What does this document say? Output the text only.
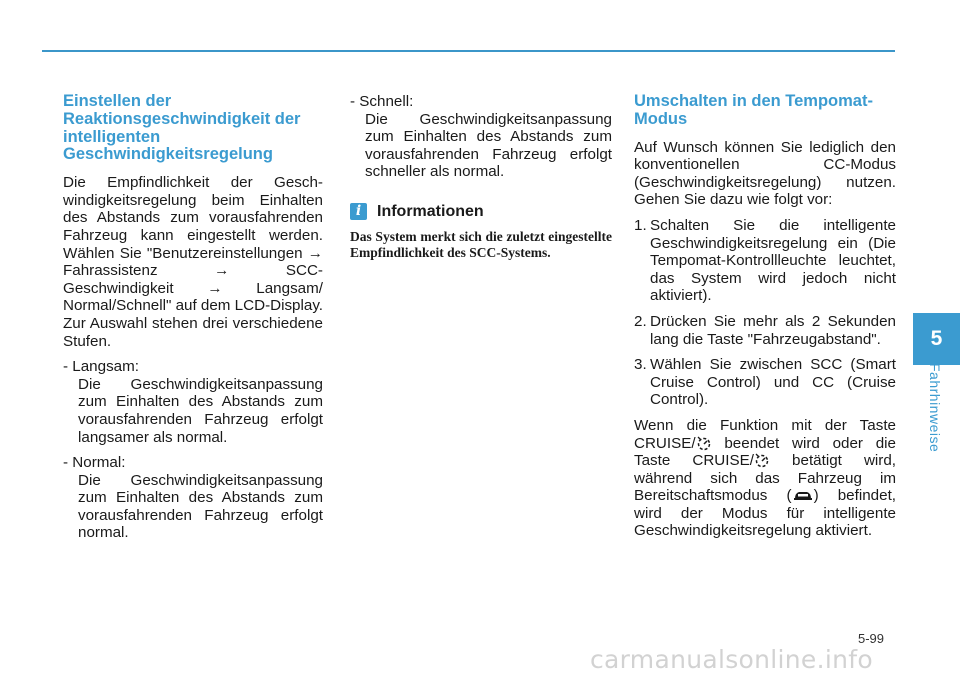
Einstellen der Reaktionsgeschwindigkeit der intelligenten Geschwindigkeitsregelung

Die Empfindlichkeit der Gesch-windigkeitsregelung beim Einhalten des Abstands zum vorausfahrenden Fahrzeug kann eingestellt werden. Wählen Sie "Benutzereinstellungen → Fahrassistenz → SCC-Geschwindigkeit → Langsam/ Normal/Schnell" auf dem LCD-Display. Zur Auswahl stehen drei verschiedene Stufen.

- Langsam:

Die Geschwindigkeitsanpassung zum Einhalten des Abstands zum vorausfahrenden Fahrzeug erfolgt langsamer als normal.

- Normal:

Die Geschwindigkeitsanpassung zum Einhalten des Abstands zum vorausfahrenden Fahrzeug erfolgt normal.

- Schnell:

Die Geschwindigkeitsanpassung zum Einhalten des Abstands zum vorausfahrenden Fahrzeug erfolgt schneller als normal.

i Informationen

Das System merkt sich die zuletzt eingestellte Empfindlichkeit des SCC-Systems.

Umschalten in den Tempomat-Modus

Auf Wunsch können Sie lediglich den konventionellen CC-Modus (Geschwindigkeitsregelung) nutzen. Gehen Sie dazu wie folgt vor:

1. Schalten Sie die intelligente Geschwindigkeitsregelung ein (Die Tempomat-Kontrollleuchte leuchtet, das System wird jedoch nicht aktiviert).
2. Drücken Sie mehr als 2 Sekunden lang die Taste "Fahrzeugabstand".
3. Wählen Sie zwischen SCC (Smart Cruise Control) und CC (Cruise Control).

Wenn die Funktion mit der Taste CRUISE/ beendet wird oder die Taste CRUISE/ betätigt wird, während sich das Fahrzeug im Bereitschaftsmodus ( ) befindet, wird der Modus für intelligente Geschwindigkeitsregelung aktiviert.

5
Fahrhinweise
5-99
carmanualsonline.info
